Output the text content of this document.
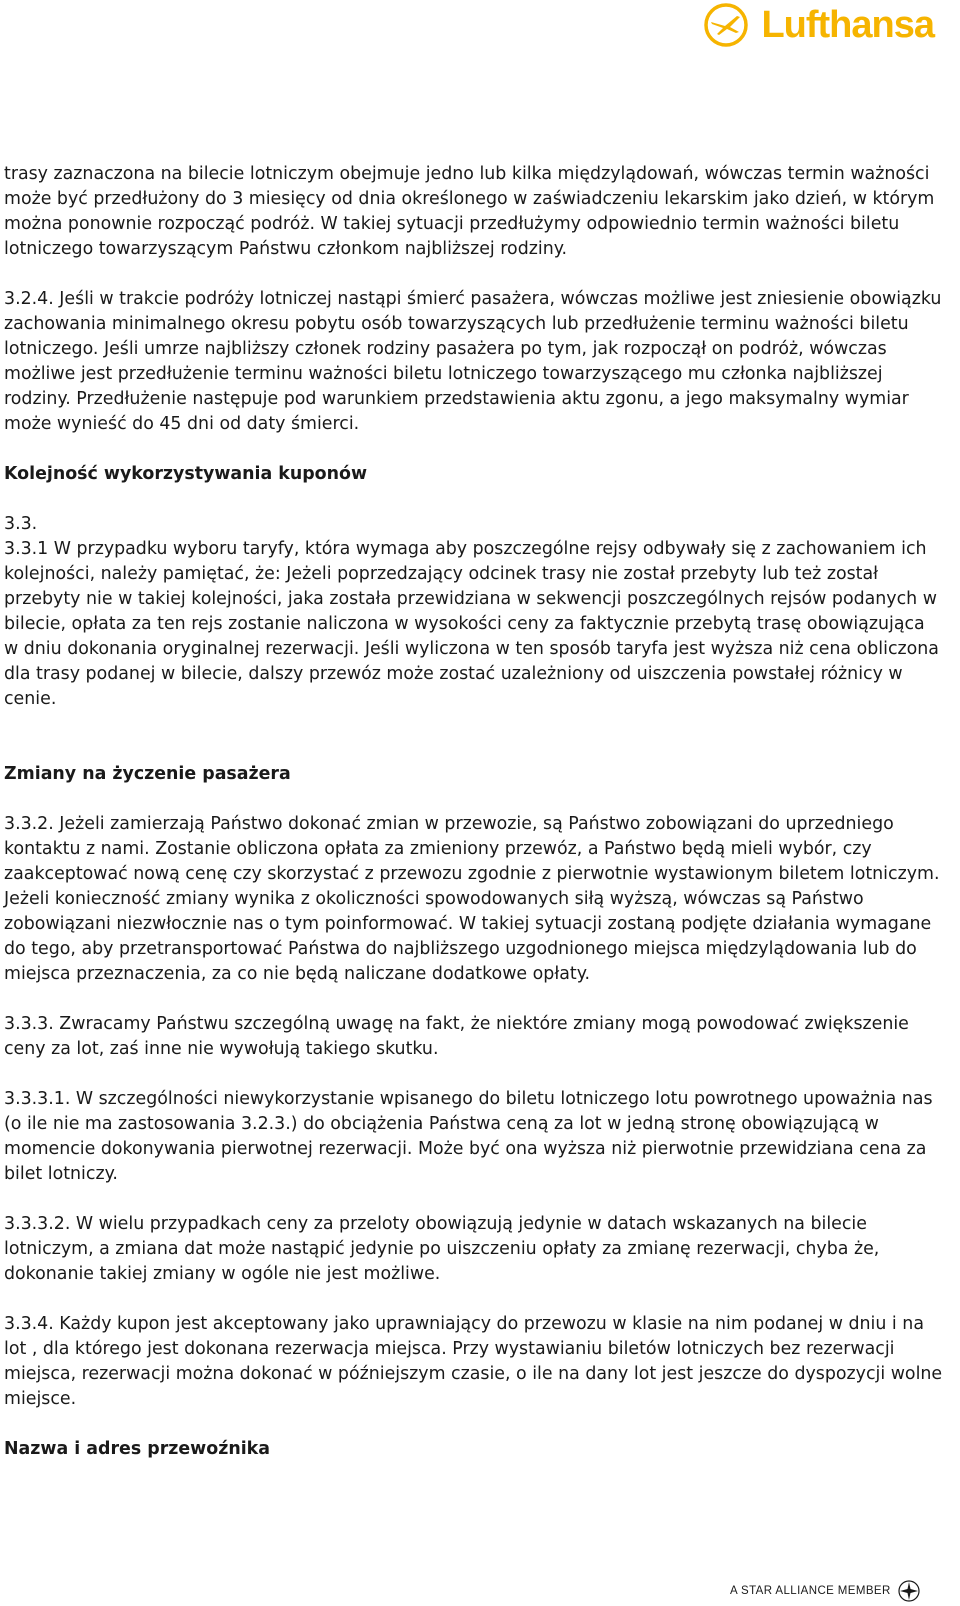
Lufthansa

trasy zaznaczona na bilecie lotniczym obejmuje jedno lub kilka międzylądowań, wówczas termin ważności może być przedłużony do 3 miesięcy od dnia określonego w zaświadczeniu lekarskim jako dzień, w którym można ponownie rozpocząć podróż. W takiej sytuacji przedłużymy odpowiednio termin ważności biletu lotniczego towarzyszącym Państwu członkom najbliższej rodziny.

3.2.4. Jeśli w trakcie podróży lotniczej nastąpi śmierć pasażera, wówczas możliwe jest zniesienie obowiązku zachowania minimalnego okresu pobytu osób towarzyszących lub przedłużenie terminu ważności biletu lotniczego. Jeśli umrze najbliższy członek rodziny pasażera po tym, jak rozpoczął on podróż, wówczas możliwe jest przedłużenie terminu ważności biletu lotniczego towarzyszącego mu członka najbliższej rodziny. Przedłużenie następuje pod warunkiem przedstawienia aktu zgonu, a jego maksymalny wymiar może wynieść do 45 dni od daty śmierci.

Kolejność wykorzystywania kuponów

3.3.

3.3.1 W przypadku wyboru taryfy, która wymaga aby poszczególne rejsy odbywały się z zachowaniem ich kolejności, należy pamiętać, że: Jeżeli poprzedzający odcinek trasy nie został przebyty lub też został przebyty nie w takiej kolejności, jaka została przewidziana w sekwencji poszczególnych rejsów podanych w bilecie, opłata za ten rejs zostanie naliczona w wysokości ceny za faktycznie przebytą trasę obowiązująca w dniu dokonania oryginalnej rezerwacji. Jeśli wyliczona w ten sposób taryfa jest wyższa niż cena obliczona dla trasy podanej w bilecie, dalszy przewóz może zostać uzależniony od uiszczenia powstałej różnicy w cenie.

Zmiany na życzenie pasażera

3.3.2. Jeżeli zamierzają Państwo dokonać zmian w przewozie, są Państwo zobowiązani do uprzedniego kontaktu z nami. Zostanie obliczona opłata za zmieniony przewóz, a Państwo będą mieli wybór, czy zaakceptować nową cenę czy skorzystać z przewozu zgodnie z pierwotnie wystawionym biletem lotniczym. Jeżeli konieczność zmiany wynika z okoliczności spowodowanych siłą wyższą, wówczas są Państwo zobowiązani niezwłocznie nas o tym poinformować. W takiej sytuacji zostaną podjęte działania wymagane do tego, aby przetransportować Państwa do najbliższego uzgodnionego miejsca międzylądowania lub do miejsca przeznaczenia, za co nie będą naliczane dodatkowe opłaty.

3.3.3. Zwracamy Państwu szczególną uwagę na fakt, że niektóre zmiany mogą powodować zwiększenie ceny za lot, zaś inne nie wywołują takiego skutku.

3.3.3.1. W szczególności niewykorzystanie wpisanego do biletu lotniczego lotu powrotnego upoważnia nas (o ile nie ma zastosowania 3.2.3.) do obciążenia Państwa ceną za lot w jedną stronę obowiązującą w momencie dokonywania pierwotnej rezerwacji. Może być ona wyższa niż pierwotnie przewidziana cena za bilet lotniczy.

3.3.3.2. W wielu przypadkach ceny za przeloty obowiązują jedynie w datach wskazanych na bilecie lotniczym, a zmiana dat może nastąpić jedynie po uiszczeniu opłaty za zmianę rezerwacji, chyba że, dokonanie takiej zmiany w ogóle nie jest możliwe.

3.3.4. Każdy kupon jest akceptowany jako uprawniający do przewozu w klasie na nim podanej w dniu i na lot , dla którego jest dokonana rezerwacja miejsca. Przy wystawianiu biletów lotniczych bez rezerwacji miejsca, rezerwacji można dokonać w późniejszym czasie, o ile na dany lot jest jeszcze do dyspozycji wolne miejsce.

Nazwa i adres przewoźnika

A STAR ALLIANCE MEMBER
